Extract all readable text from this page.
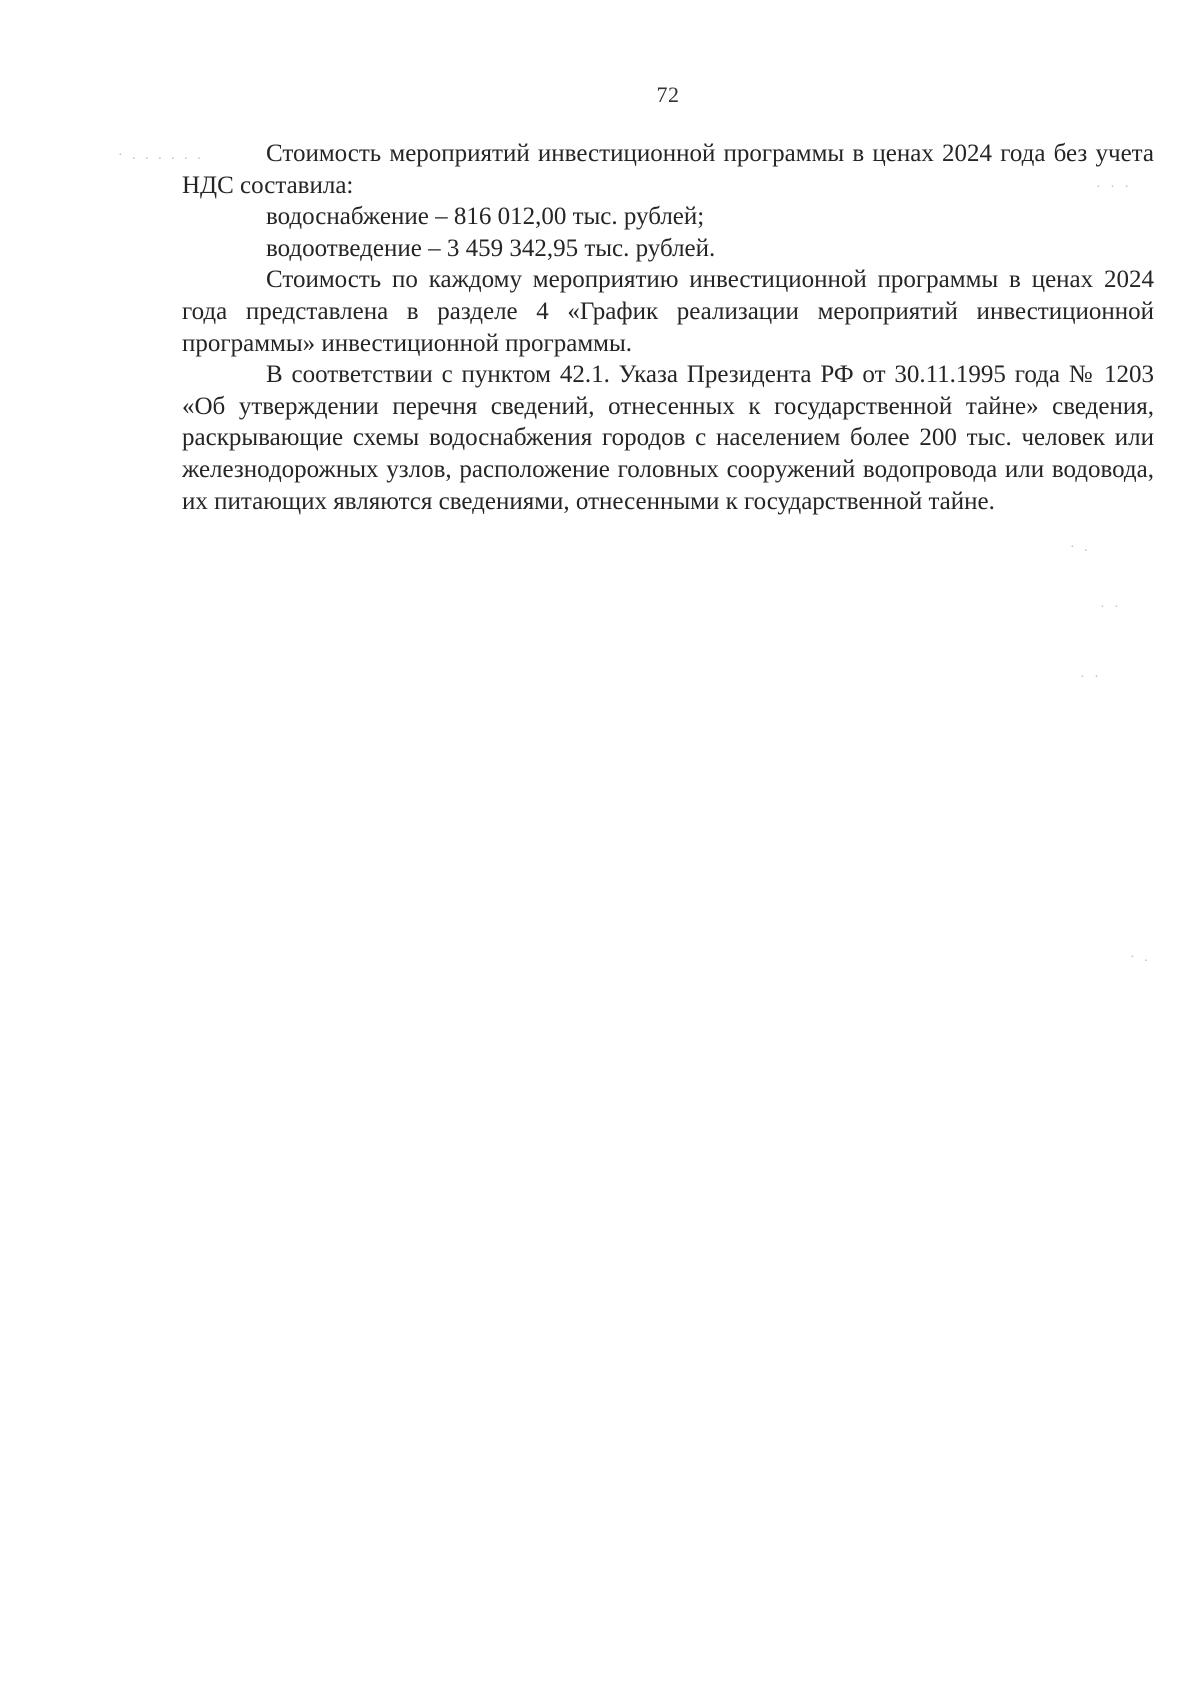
72
· . . . . . .
· · ·
· .
· ·
· ·
· .

Стоимость мероприятий инвестиционной программы в ценах 2024 года без учета НДС составила:

водоснабжение – 816 012,00 тыс. рублей;

водоотведение – 3 459 342,95 тыс. рублей.

Стоимость по каждому мероприятию инвестиционной программы в ценах 2024 года представлена в разделе 4 «График реализации мероприятий инвестиционной программы» инвестиционной программы.

В соответствии с пунктом 42.1. Указа Президента РФ от 30.11.1995 года № 1203 «Об утверждении перечня сведений, отнесенных к государственной тайне» сведения, раскрывающие схемы водоснабжения городов с населением более 200 тыс. человек или железнодорожных узлов, расположение головных сооружений водопровода или водовода, их питающих являются сведениями, отнесенными к государственной тайне.
